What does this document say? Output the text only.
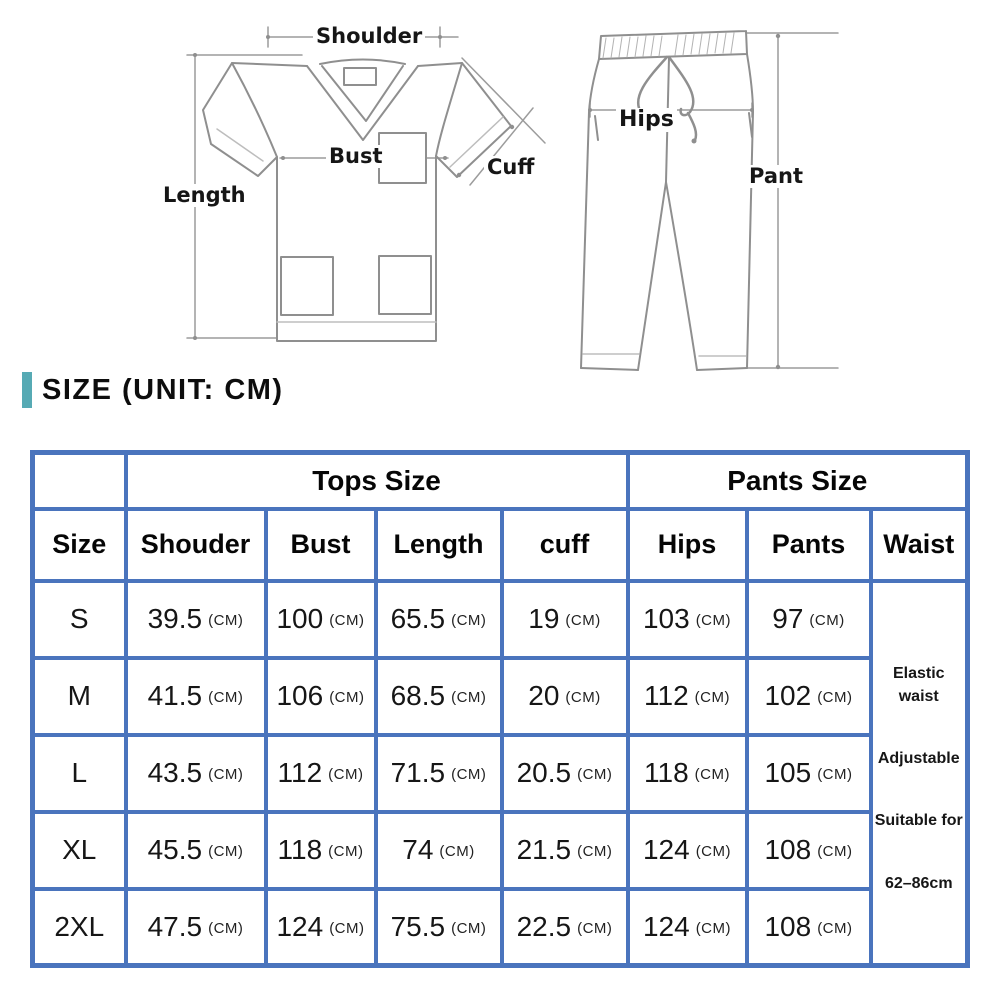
Shoulder
Bust	Cuff
Length
Hips
Pant
SIZE (UNIT: CM)
	Tops Size				Pants Size		
Size	Shouder	Bust	Length	cuff	Hips	Pants	Waist
S	39.5 (CM)	100 (CM)	65.5 (CM)	19 (CM)	103 (CM)	97 (CM)	Elastic waist
Adjustable
Suitable for
62–86cm

M	41.5 (CM)	106 (CM)	68.5 (CM)	20 (CM)	112 (CM)	102 (CM)	
L	43.5 (CM)	112 (CM)	71.5 (CM)	20.5 (CM)	118 (CM)	105 (CM)	
XL	45.5 (CM)	118 (CM)	74 (CM)	21.5 (CM)	124 (CM)	108 (CM)	
2XL	47.5 (CM)	124 (CM)	75.5 (CM)	22.5 (CM)	124 (CM)	108 (CM)	
